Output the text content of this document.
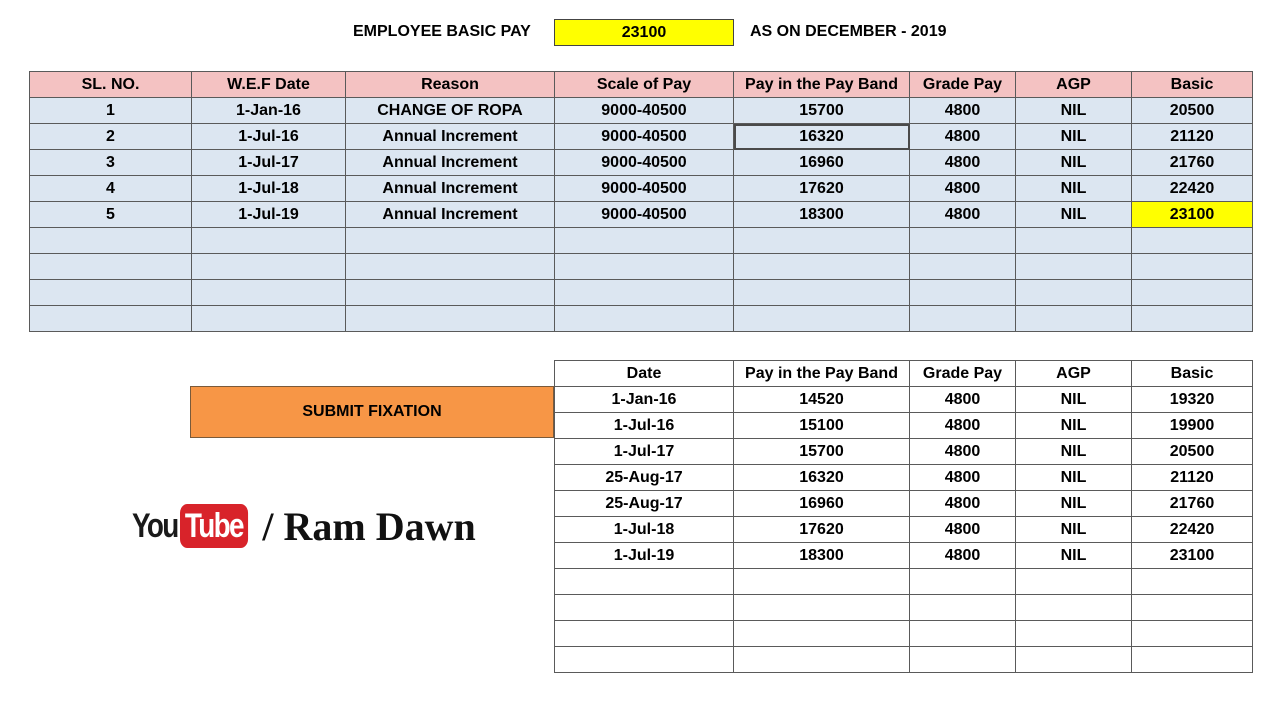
EMPLOYEE BASIC PAY	23100	AS ON DECEMBER - 2019
SL. NO.	W.E.F Date	Reason	Scale of Pay	Pay in the Pay Band	Grade Pay	AGP	Basic
1	1-Jan-16	CHANGE OF ROPA	9000-40500	15700	4800	NIL	20500
2	1-Jul-16	Annual Increment	9000-40500	16320	4800	NIL	21120
3	1-Jul-17	Annual Increment	9000-40500	16960	4800	NIL	21760
4	1-Jul-18	Annual Increment	9000-40500	17620	4800	NIL	22420
5	1-Jul-19	Annual Increment	9000-40500	18300	4800	NIL	23100

SUBMIT FIXATION
You Tube / Ram Dawn
Date	Pay in the Pay Band	Grade Pay	AGP	Basic
1-Jan-16	14520	4800	NIL	19320
1-Jul-16	15100	4800	NIL	19900
1-Jul-17	15700	4800	NIL	20500
25-Aug-17	16320	4800	NIL	21120
25-Aug-17	16960	4800	NIL	21760
1-Jul-18	17620	4800	NIL	22420
1-Jul-19	18300	4800	NIL	23100
